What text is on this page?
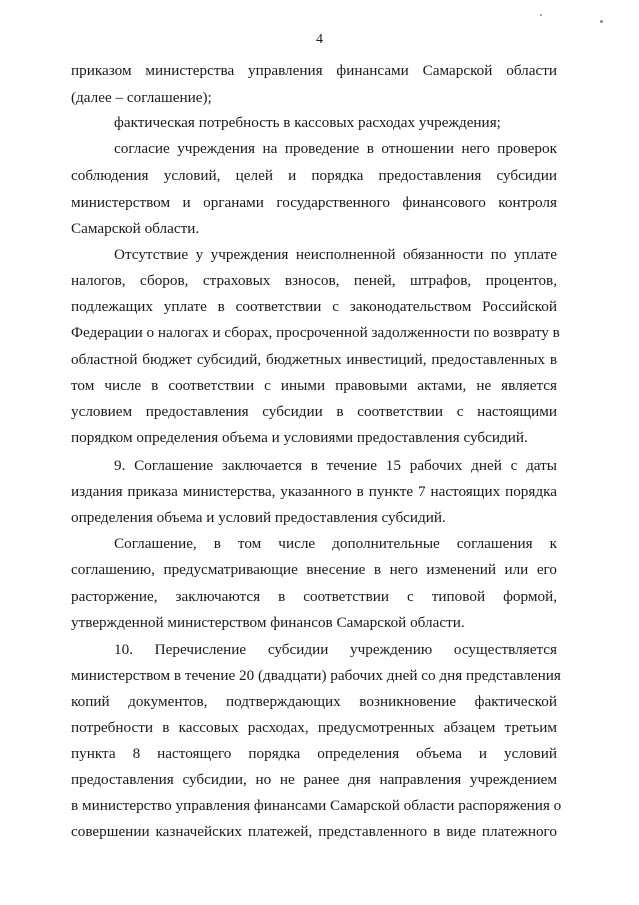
4
приказом министерства управления финансами Самарской области
(далее – соглашение);
фактическая потребность в кассовых расходах учреждения;
согласие учреждения на проведение в отношении него проверок
соблюдения условий, целей и порядка предоставления субсидии
министерством и органами государственного финансового контроля
Самарской области.
Отсутствие у учреждения неисполненной обязанности по уплате
налогов, сборов, страховых взносов, пеней, штрафов, процентов,
подлежащих уплате в соответствии с законодательством Российской
Федерации о налогах и сборах, просроченной задолженности по возврату в
областной бюджет субсидий, бюджетных инвестиций, предоставленных в
том числе в соответствии с иными правовыми актами, не является
условием предоставления субсидии в соответствии с настоящими
порядком определения объема и условиями предоставления субсидий.
9. Соглашение заключается в течение 15 рабочих дней с даты
издания приказа министерства, указанного в пункте 7 настоящих порядка
определения объема и условий предоставления субсидий.
Соглашение, в том числе дополнительные соглашения к
соглашению, предусматривающие внесение в него изменений или его
расторжение, заключаются в соответствии с типовой формой,
утвержденной министерством финансов Самарской области.
10. Перечисление субсидии учреждению осуществляется
министерством в течение 20 (двадцати) рабочих дней со дня представления
копий документов, подтверждающих возникновение фактической
потребности в кассовых расходах, предусмотренных абзацем третьим
пункта 8 настоящего порядка определения объема и условий
предоставления субсидии, но не ранее дня направления учреждением
в министерство управления финансами Самарской области распоряжения о
совершении казначейских платежей, представленного в виде платежного
